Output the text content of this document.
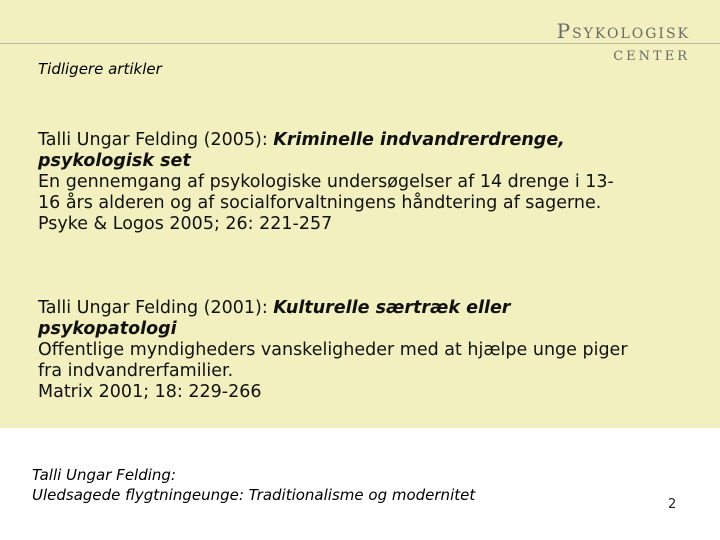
Psykologisk
center
Tidligere artikler
Talli Ungar Felding (2005): Kriminelle indvandrerdrenge,
psykologisk set
En gennemgang af psykologiske undersøgelser af 14 drenge i 13-
16 års alderen og af socialforvaltningens håndtering af sagerne.
Psyke & Logos 2005; 26: 221-257
Talli Ungar Felding (2001): Kulturelle særtræk eller
psykopatologi
Offentlige myndigheders vanskeligheder med at hjælpe unge piger
fra indvandrerfamilier.
Matrix 2001; 18: 229-266
Talli Ungar Felding:
Uledsagede flygtningeunge: Traditionalisme og modernitet
2
